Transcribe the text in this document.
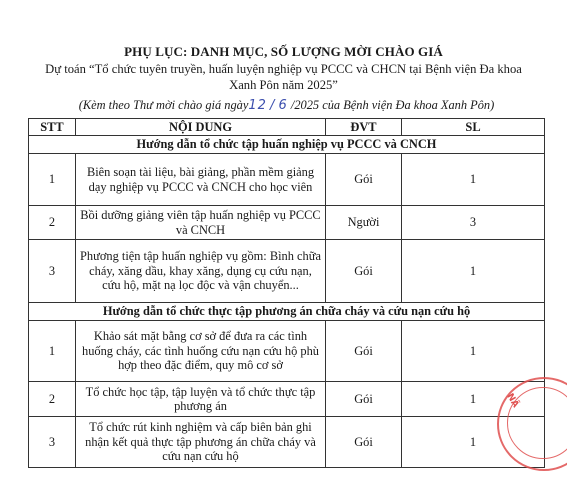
PHỤ LỤC: DANH MỤC, SỐ LƯỢNG MỜI CHÀO GIÁ
Dự toán “Tổ chức tuyên truyền, huấn luyện nghiệp vụ PCCC và CHCN tại Bệnh viện Đa khoa Xanh Pôn năm 2025”
(Kèm theo Thư mời chào giá ngày12 / 6 /2025 của Bệnh viện Đa khoa Xanh Pôn)
STT	NỘI DUNG	ĐVT	SL
Hướng dẫn tổ chức tập huấn nghiệp vụ PCCC và CNCH			
1	Biên soạn tài liệu, bài giảng, phần mềm giảng dạy nghiệp vụ PCCC và CNCH cho học viên	Gói	1
2	Bồi dưỡng giảng viên tập huấn nghiệp vụ PCCC và CNCH	Người	3
3	Phương tiện tập huấn nghiệp vụ gồm: Bình chữa cháy, xăng dầu, khay xăng, dụng cụ cứu nạn, cứu hộ, mặt nạ lọc độc và vận chuyển...	Gói	1
Hướng dẫn tổ chức thực tập phương án chữa cháy và cứu nạn cứu hộ			
1	Khảo sát mặt bằng cơ sở để đưa ra các tình huống cháy, các tình huống cứu nạn cứu hộ phù hợp theo đặc điểm, quy mô cơ sở	Gói	1
2	Tổ chức học tập, tập luyện và tổ chức thực tập phương án	Gói	1
3	Tổ chức rút kinh nghiệm và cấp biên bản ghi nhận kết quả thực tập phương án chữa cháy và cứu nạn cứu hộ	Gói	1
NÃ
